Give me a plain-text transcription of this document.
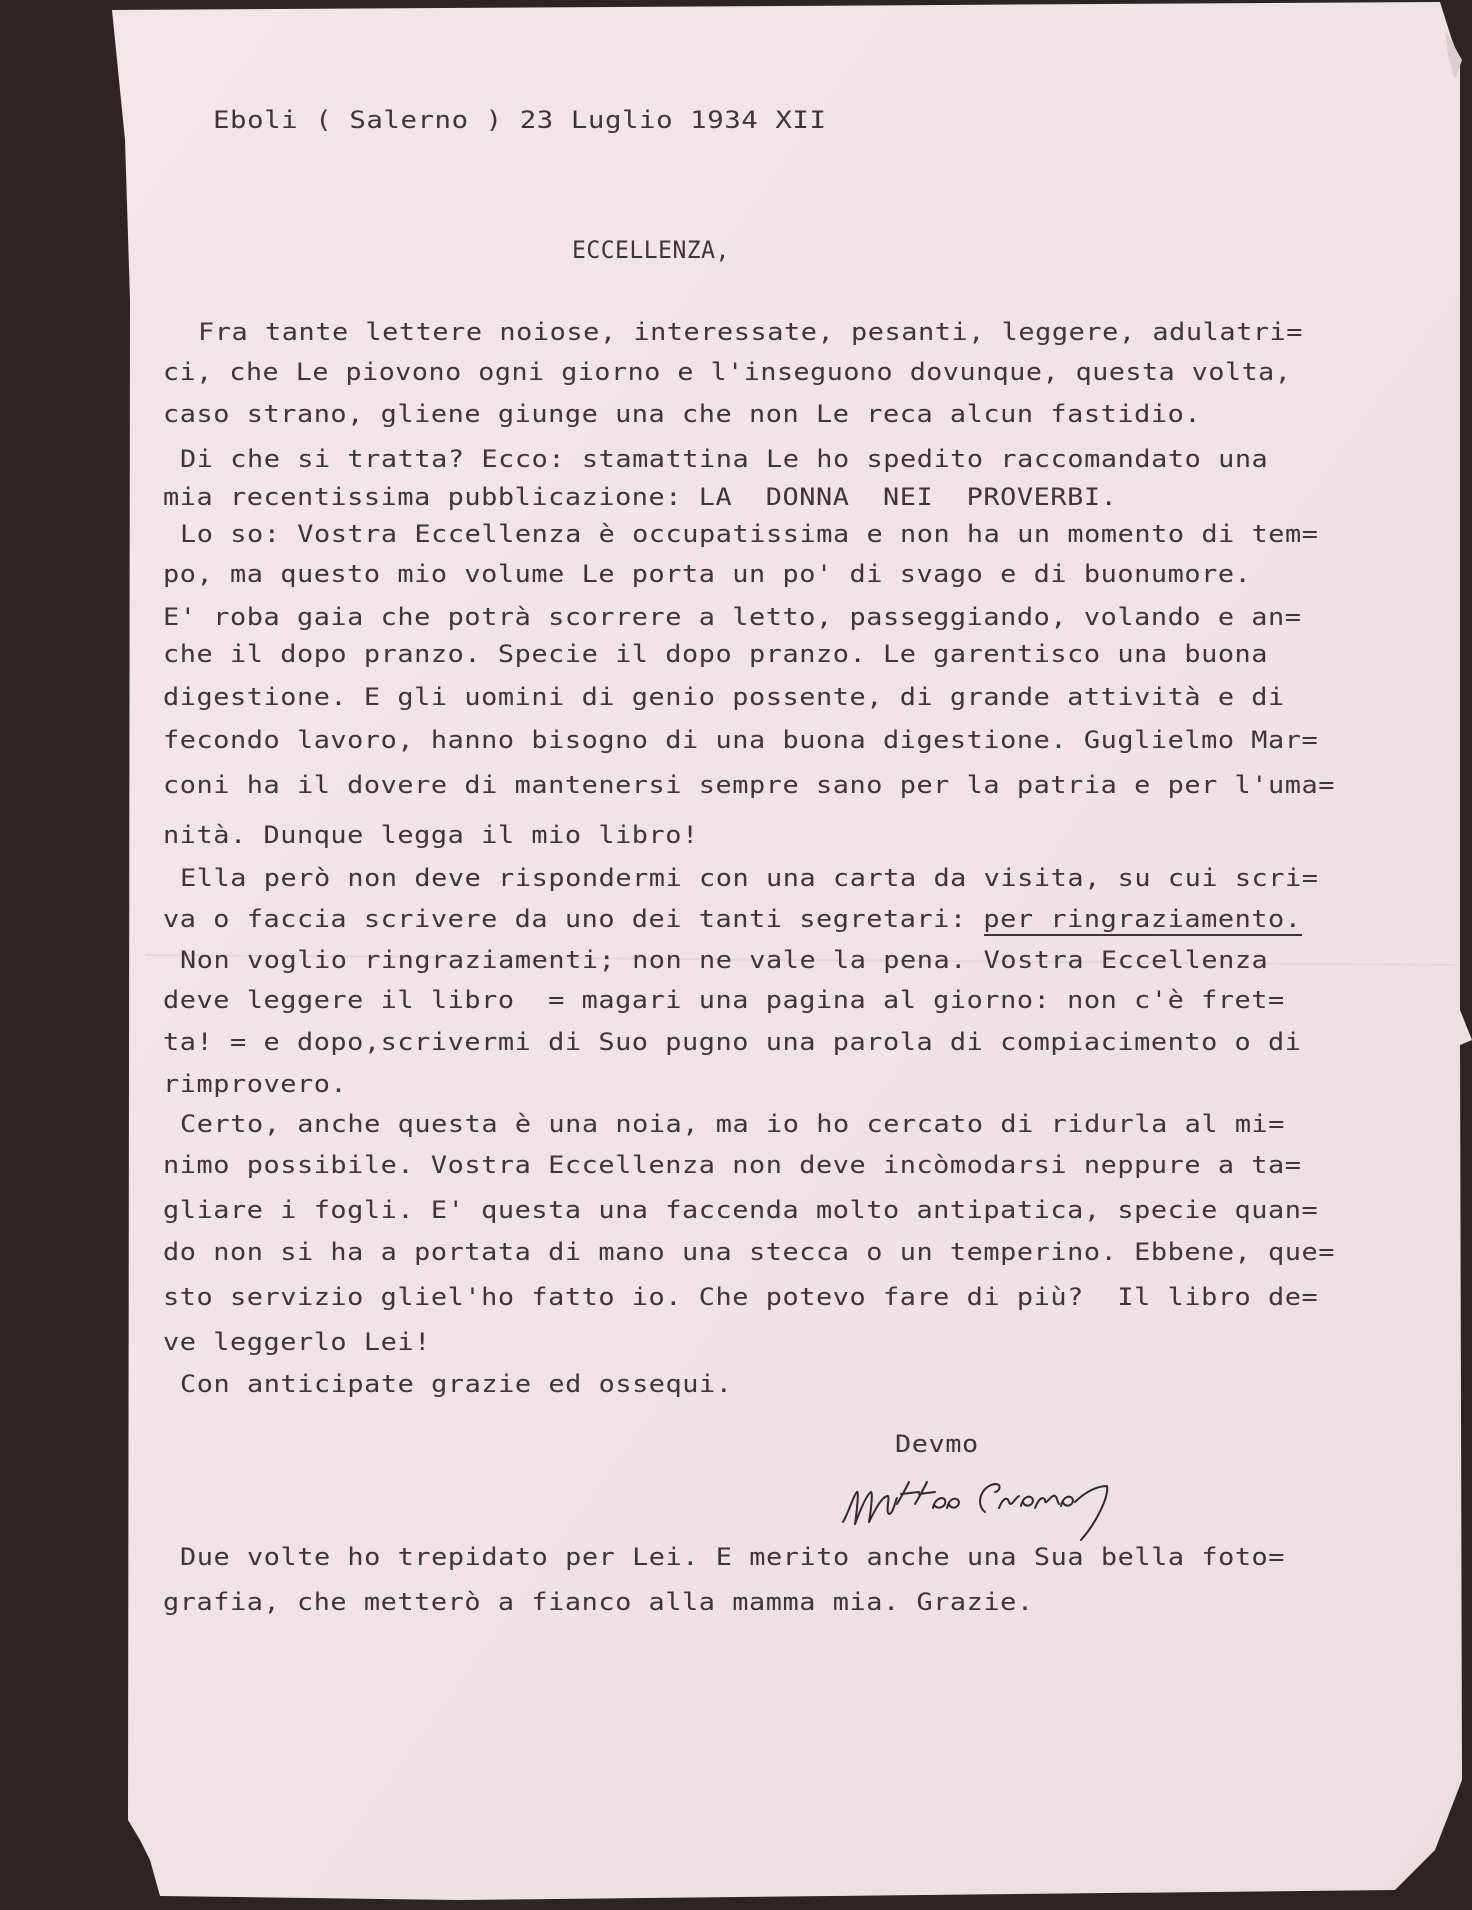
Eboli ( Salerno ) 23 Luglio 1934 XII
ECCELLENZA,
Fra tante lettere noiose, interessate, pesanti, leggere, adulatri=
ci, che Le piovono ogni giorno e l'inseguono dovunque, questa volta,
caso strano, gliene giunge una che non Le reca alcun fastidio.
Di che si tratta? Ecco: stamattina Le ho spedito raccomandato una
mia recentissima pubblicazione: LA  DONNA  NEI  PROVERBI.
Lo so: Vostra Eccellenza è occupatissima e non ha un momento di tem=
po, ma questo mio volume Le porta un po' di svago e di buonumore.
E' roba gaia che potrà scorrere a letto, passeggiando, volando e an=
che il dopo pranzo. Specie il dopo pranzo. Le garentisco una buona
digestione. E gli uomini di genio possente, di grande attività e di
fecondo lavoro, hanno bisogno di una buona digestione. Guglielmo Mar=
coni ha il dovere di mantenersi sempre sano per la patria e per l'uma=
nità. Dunque legga il mio libro!
Ella però non deve rispondermi con una carta da visita, su cui scri=
va o faccia scrivere da uno dei tanti segretari: per ringraziamento.
Non voglio ringraziamenti; non ne vale la pena. Vostra Eccellenza
deve leggere il libro  = magari una pagina al giorno: non c'è fret=
ta! = e dopo,scrivermi di Suo pugno una parola di compiacimento o di
rimprovero.
Certo, anche questa è una noia, ma io ho cercato di ridurla al mi=
nimo possibile. Vostra Eccellenza non deve incòmodarsi neppure a ta=
gliare i fogli. E' questa una faccenda molto antipatica, specie quan=
do non si ha a portata di mano una stecca o un temperino. Ebbene, que=
sto servizio gliel'ho fatto io. Che potevo fare di più?  Il libro de=
ve leggerlo Lei!
Con anticipate grazie ed ossequi.
Devmo
Due volte ho trepidato per Lei. E merito anche una Sua bella foto=
grafia, che metterò a fianco alla mamma mia. Grazie.
